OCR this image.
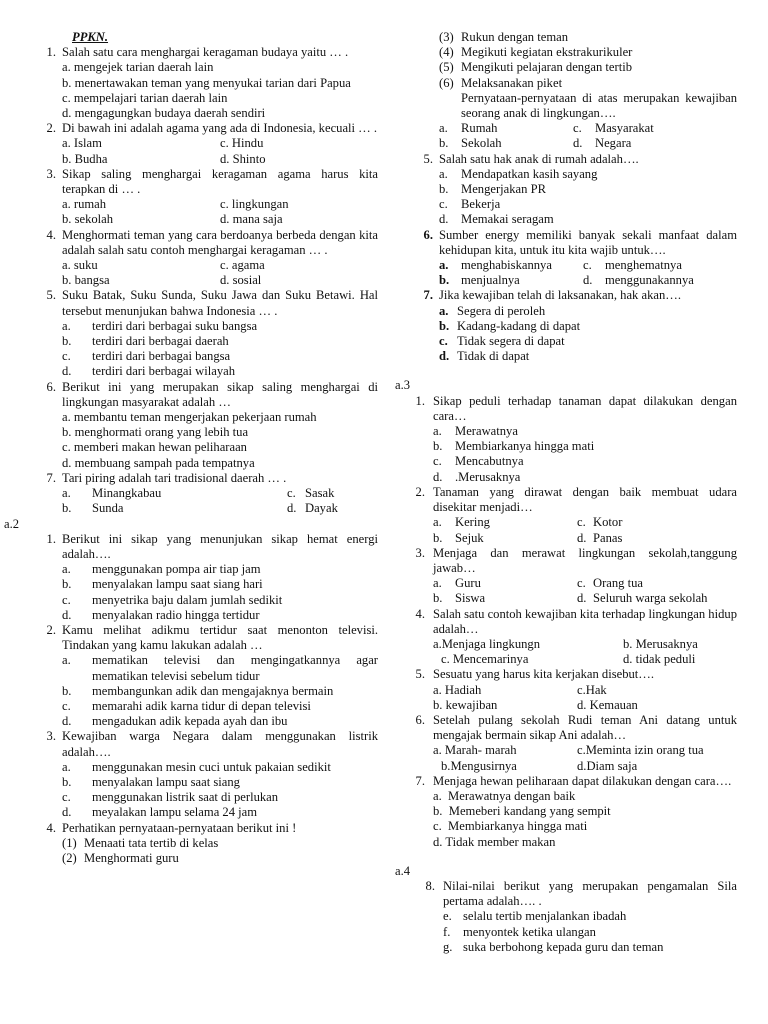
PPKN.
1. Salah satu cara menghargai keragaman budaya yaitu … .
a. mengejek tarian daerah lain
b. menertawakan teman yang menyukai tarian dari Papua
c. mempelajari tarian daerah lain
d. mengagungkan budaya daerah sendiri
2. Di bawah ini adalah agama yang ada di Indonesia, kecuali … .
a. Islam	c. Hindu
b. Budha	d. Shinto
3. Sikap saling menghargai keragaman agama harus kita terapkan di … .
a. rumah	c. lingkungan
b. sekolah	d. mana saja
4. Menghormati teman yang cara berdoanya berbeda dengan kita adalah salah satu contoh menghargai keragaman … .
a. suku	c. agama
b. bangsa	d. sosial
5. Suku Batak, Suku Sunda, Suku Jawa dan Suku Betawi. Hal tersebut menunjukan bahwa Indonesia … .
a.	terdiri dari berbagai suku bangsa
b.	terdiri dari berbagai daerah
c.	terdiri dari berbagai bangsa
d.	terdiri dari berbagai wilayah
6. Berikut ini yang merupakan sikap saling menghargai di lingkungan masyarakat adalah …
a. membantu teman mengerjakan pekerjaan rumah
b. menghormati orang yang lebih tua
c. memberi makan hewan peliharaan
d. membuang sampah pada tempatnya
7. Tari piring adalah tari tradisional daerah … .
a.	Minangkabau	c. Sasak
b.	Sunda	d. Dayak
a.2
1. Berikut ini sikap yang menunjukan sikap hemat energi adalah….
a.	menggunakan pompa air tiap jam
b.	menyalakan lampu saat siang hari
c.	menyetrika baju dalam jumlah sedikit
d.	menyalakan radio hingga tertidur
2. Kamu melihat adikmu tertidur saat menonton televisi. Tindakan yang kamu lakukan adalah …
a.	mematikan televisi dan mengingatkannya agar mematikan televisi sebelum tidur
b.	membangunkan adik dan mengajaknya bermain
c.	memarahi adik karna tidur di depan televisi
d.	mengadukan adik kepada ayah dan ibu
3. Kewajiban warga Negara dalam menggunakan listrik adalah….
a.	menggunakan mesin cuci untuk pakaian sedikit
b.	menyalakan lampu saat siang
c.	menggunakan listrik saat di perlukan
d.	meyalakan lampu selama 24 jam
4. Perhatikan pernyataan-pernyataan berikut ini !
(1) Menaati tata tertib di kelas
(2) Menghormati guru
(3) Rukun dengan teman
(4) Megikuti kegiatan ekstrakurikuler
(5) Mengikuti pelajaran dengan tertib
(6) Melaksanakan piket
Pernyataan-pernyataan di atas merupakan kewajiban seorang anak di lingkungan….
a.	Rumah	c.	Masyarakat
b. Sekolah	d. Negara
5. Salah satu hak anak di rumah adalah….
a.	Mendapatkan kasih sayang
b. Mengerjakan PR
c.	Bekerja
d. Memakai seragam
6. Sumber energy memiliki banyak sekali manfaat dalam kehidupan kita, untuk itu kita wajib untuk….
a. menghabiskannya c.	menghematnya
b. menjualnya	d. menggunakannya
7. Jika kewajiban telah di laksanakan, hak akan….
a. Segera di peroleh
b. Kadang-kadang di dapat
c. Tidak segera di dapat
d. Tidak di dapat
a.3
1. Sikap peduli terhadap tanaman dapat dilakukan dengan cara…
a.	Merawatnya
b. Membiarkanya hingga mati
c.	Mencabutnya
d. .Merusaknya
2. Tanaman yang dirawat dengan baik membuat udara disekitar menjadi…
a.	Kering	c. Kotor
b. Sejuk	d. Panas
3. Menjaga dan merawat lingkungan sekolah,tanggung jawab…
a.	Guru	c. Orang tua
b. Siswa	d. Seluruh warga sekolah
4. Salah satu contoh kewajiban kita terhadap lingkungan hidup adalah…
a.Menjaga lingkungn	b. Merusaknya
c. Mencemarinya	d. tidak peduli
5. Sesuatu yang harus kita kerjakan disebut….
a. Hadiah	c.Hak
b. kewajiban	d. Kemauan
6. Setelah pulang sekolah Rudi teman Ani datang untuk mengajak bermain sikap Ani adalah…
a. Marah- marah	c.Meminta izin orang tua
b.Mengusirnya	d.Diam saja
7. Menjaga hewan peliharaan dapat dilakukan dengan cara….
a.  Merawatnya dengan baik
b.  Memeberi kandang yang sempit
c.  Membiarkanya hingga mati
d. Tidak member makan
a.4
8. Nilai-nilai berikut yang merupakan pengamalan Sila pertama adalah…. .
e. selalu tertib menjalankan ibadah
f.	menyontek ketika ulangan
g. suka berbohong kepada guru dan teman
